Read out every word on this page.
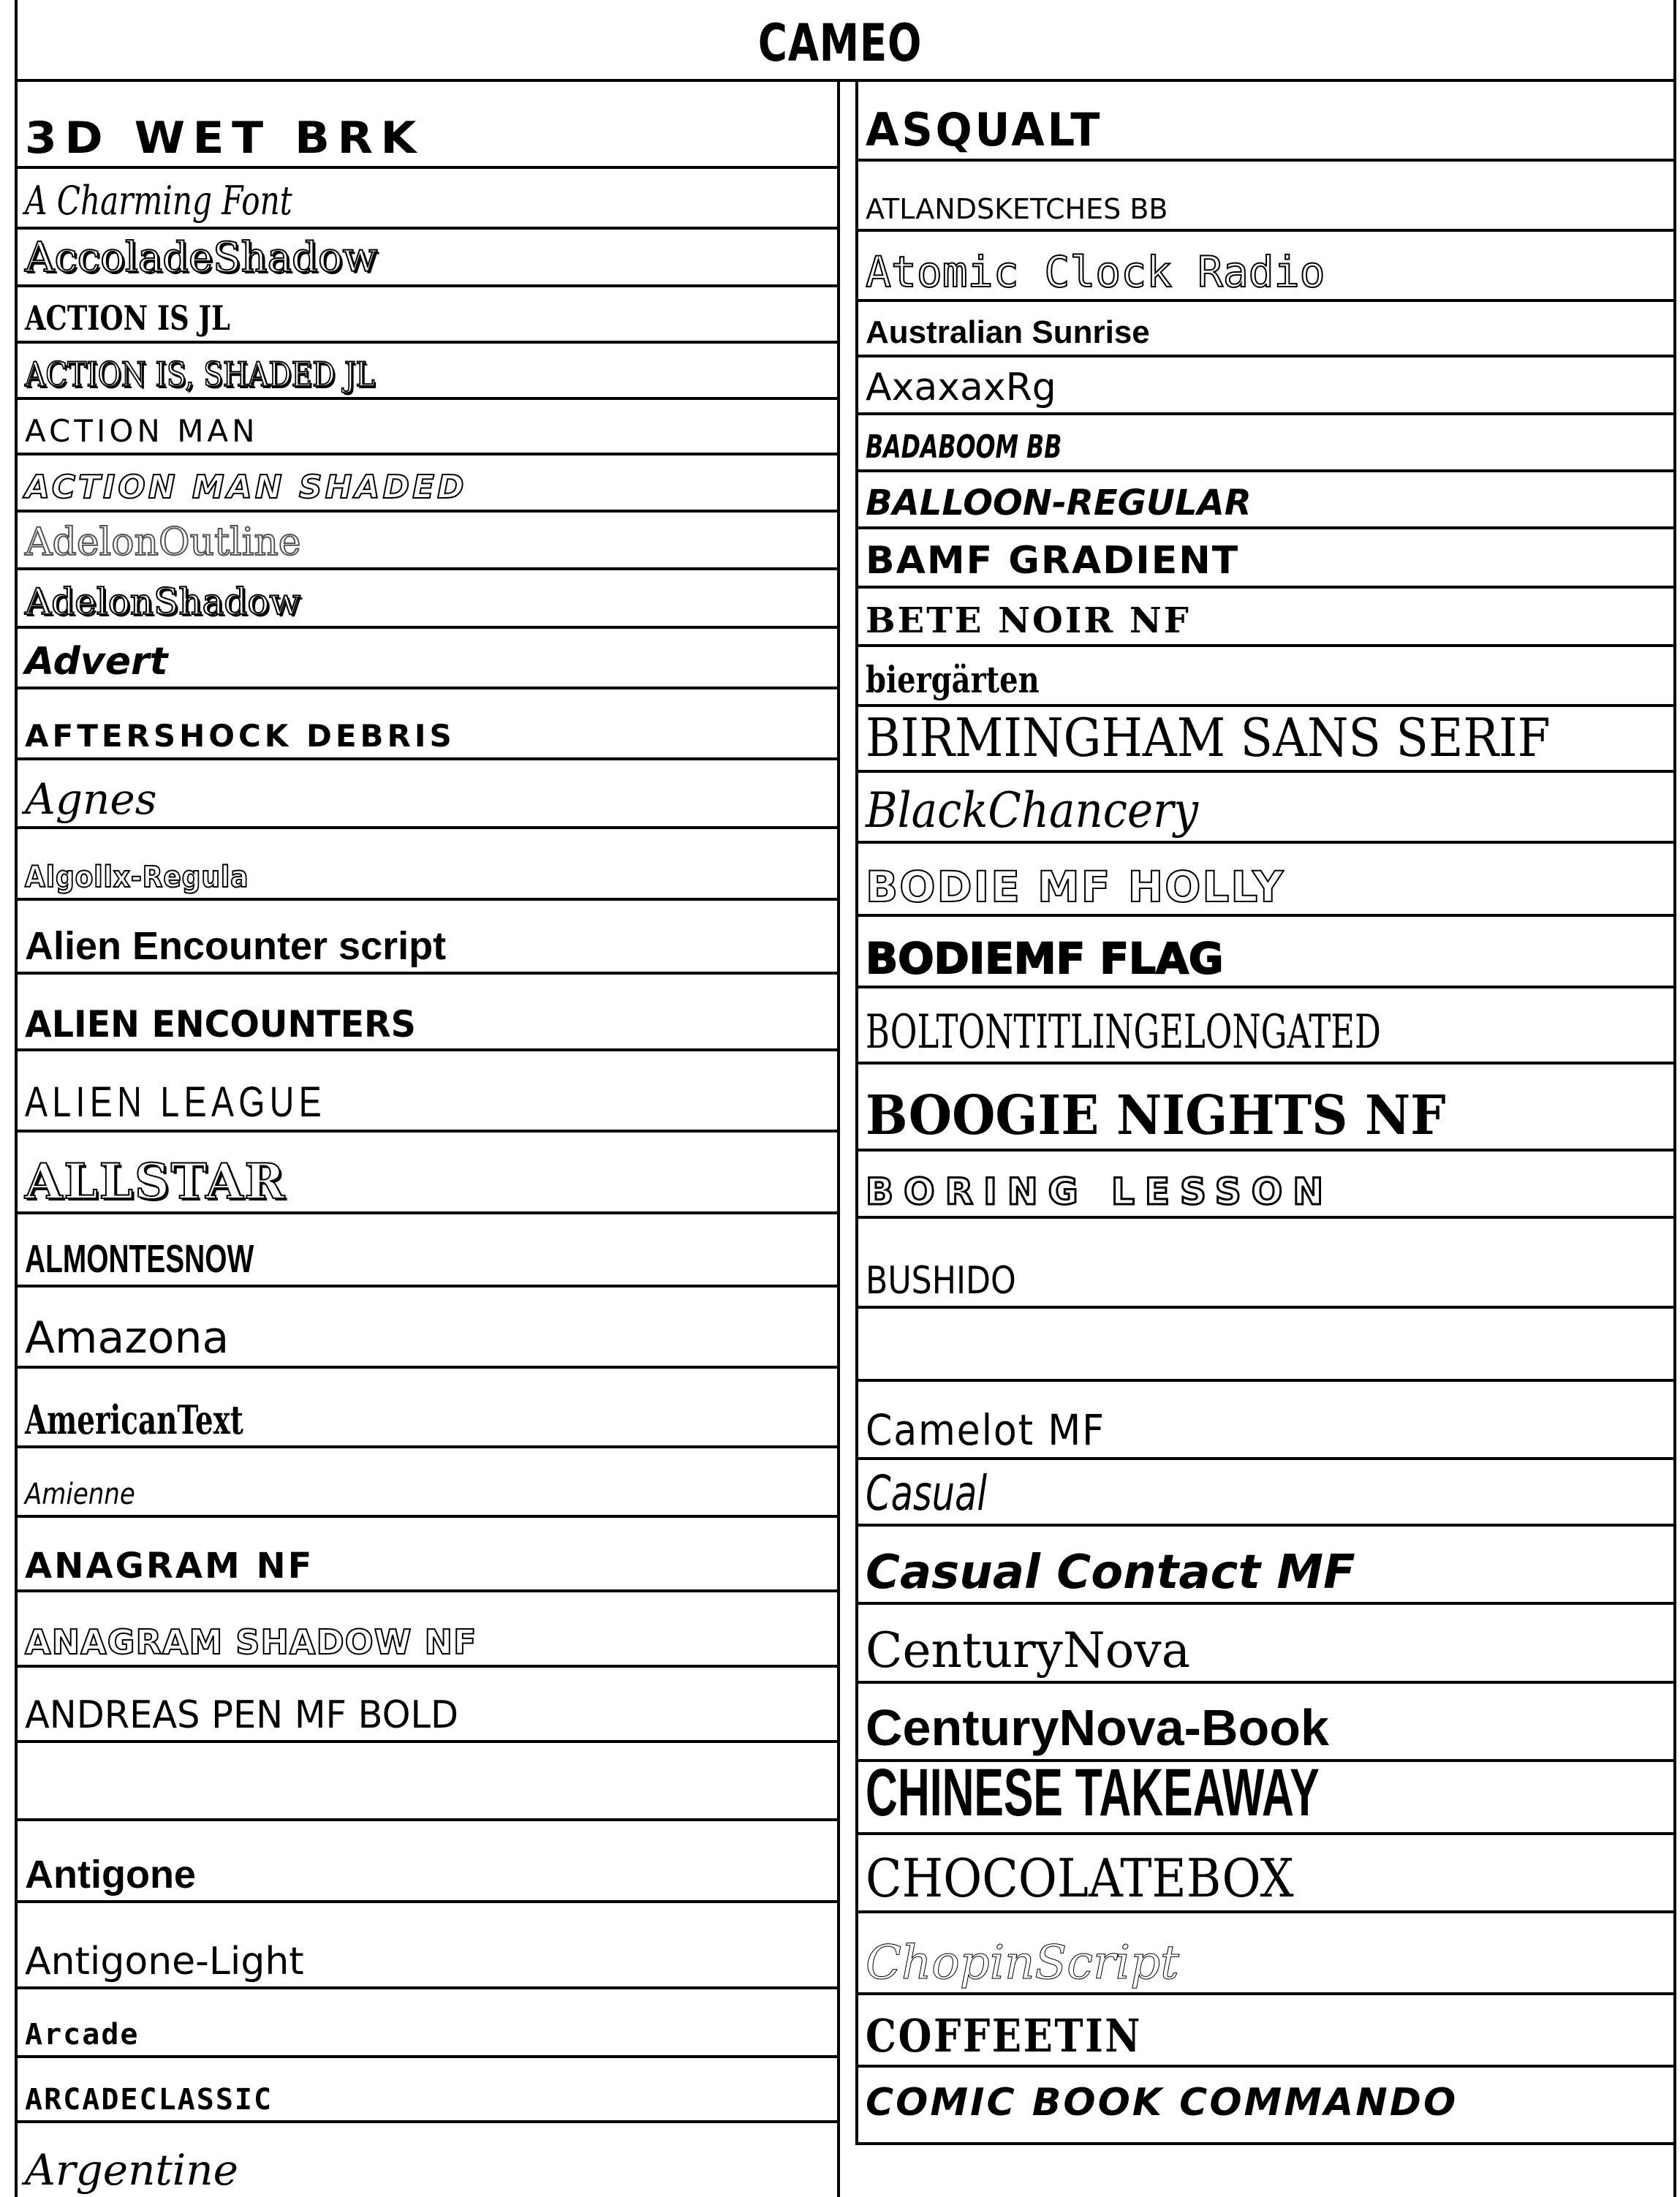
CAMEO
3D WET BRK
A Charming Font
AccoladeShadow
ACTION IS JL
ACTION IS, SHADED JL
ACTION MAN
ACTION MAN SHADED
AdelonOutline
AdelonShadow
Advert
AFTERSHOCK DEBRIS
Agnes
Algollx-Regula
Alien Encounter script
ALIEN ENCOUNTERS
ALIEN LEAGUE
ALLSTAR
ALMONTESNOW
Amazona
AmericanText
Amienne
ANAGRAM NF
ANAGRAM SHADOW NF
ANDREAS PEN MF BOLD
Antigone
Antigone-Light
Arcade
ARCADECLASSIC
Argentine
ASQUALT
ATLANDSKETCHES BB
Atomic Clock Radio
Australian Sunrise
AxaxaxRg
BADABOOM BB
BALLOON-REGULAR
BAMF GRADIENT
BETE NOIR NF
biergärten
BIRMINGHAM SANS SERIF
BlackChancery
BODIE MF HOLLY
BODIEMF FLAG
BOLTONTITLINGELONGATED
BOOGIE NIGHTS NF
BORING LESSON
BUSHIDO
Camelot MF
Casual
Casual Contact MF
CenturyNova
CenturyNova-Book
CHINESE TAKEAWAY
CHOCOLATEBOX
ChopinScript
COFFEETIN
COMIC BOOK COMMANDO
